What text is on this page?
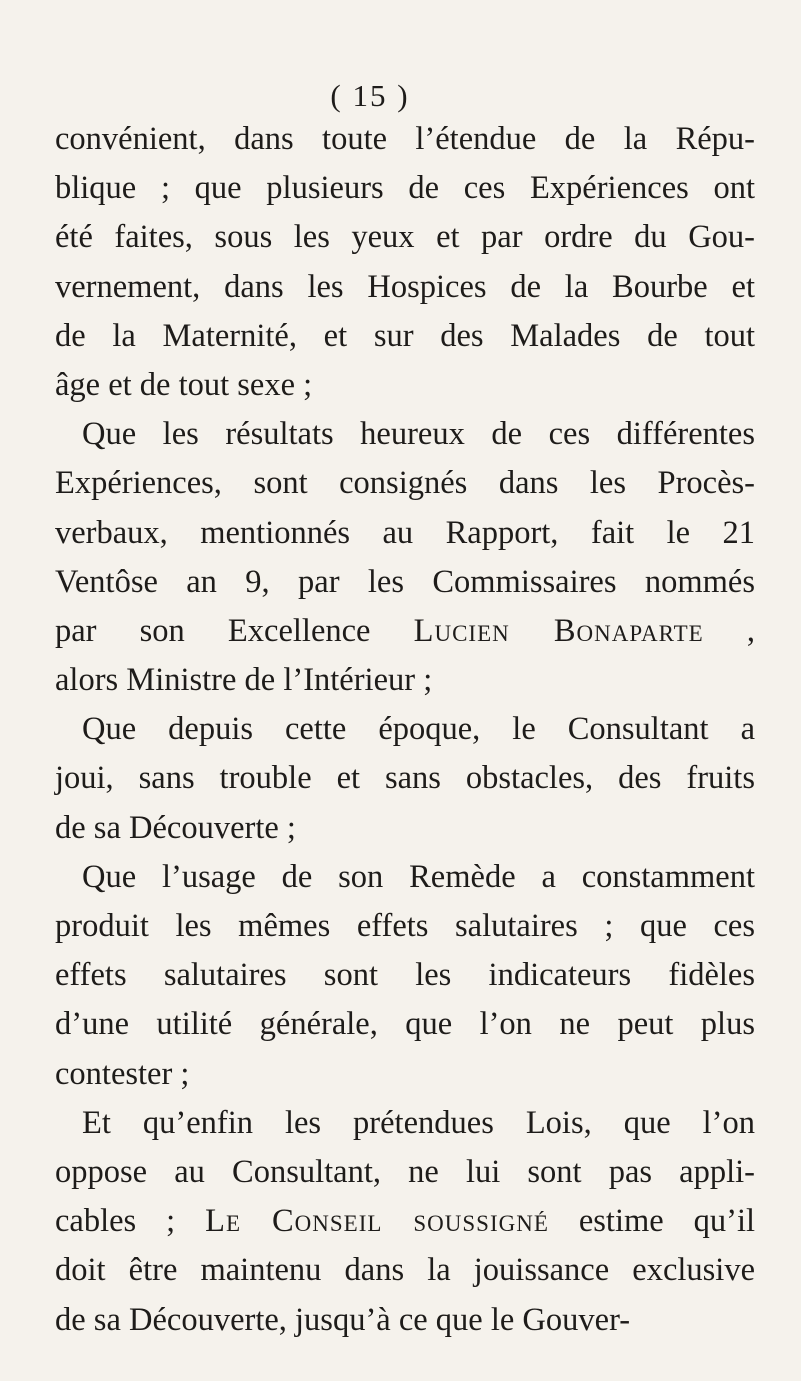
( 15 )
convénient, dans toute l’étendue de la Répu-
blique ; que plusieurs de ces Expériences ont
été faites, sous les yeux et par ordre du Gou-
vernement, dans les Hospices de la Bourbe et
de la Maternité, et sur des Malades de tout
âge et de tout sexe ;
Que les résultats heureux de ces différentes
Expériences, sont consignés dans les Procès-
verbaux, mentionnés au Rapport, fait le 21
Ventôse an 9, par les Commissaires nommés
par son Excellence Lucien Bonaparte ,
alors Ministre de l’Intérieur ;
Que depuis cette époque, le Consultant a
joui, sans trouble et sans obstacles, des fruits
de sa Découverte ;
Que l’usage de son Remède a constamment
produit les mêmes effets salutaires ; que ces
effets salutaires sont les indicateurs fidèles
d’une utilité générale, que l’on ne peut plus
contester ;
Et qu’enfin les prétendues Lois, que l’on
oppose au Consultant, ne lui sont pas appli-
cables ; Le Conseil soussigné estime qu’il
doit être maintenu dans la jouissance exclusive
de sa Découverte, jusqu’à ce que le Gouver-
